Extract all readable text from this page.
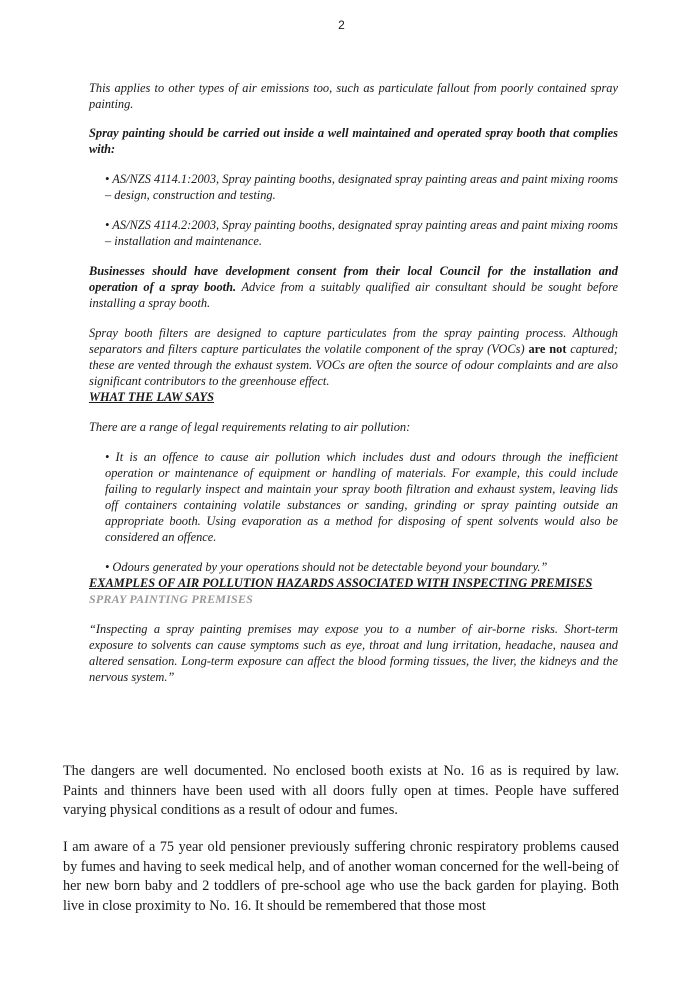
2

This applies to other types of air emissions too, such as particulate fallout from poorly contained spray painting.

Spray painting should be carried out inside a well maintained and operated spray booth that complies with:

• AS/NZS 4114.1:2003, Spray painting booths, designated spray painting areas and paint mixing rooms – design, construction and testing.

• AS/NZS 4114.2:2003, Spray painting booths, designated spray painting areas and paint mixing rooms – installation and maintenance.

Businesses should have development consent from their local Council for the installation and operation of a spray booth. Advice from a suitably qualified air consultant should be sought before installing a spray booth.

Spray booth filters are designed to capture particulates from the spray painting process. Although separators and filters capture particulates the volatile component of the spray (VOCs) are not captured; these are vented through the exhaust system. VOCs are often the source of odour complaints and are also significant contributors to the greenhouse effect.

WHAT THE LAW SAYS

There are a range of legal requirements relating to air pollution:

• It is an offence to cause air pollution which includes dust and odours through the inefficient operation or maintenance of equipment or handling of materials. For example, this could include failing to regularly inspect and maintain your spray booth filtration and exhaust system, leaving lids off containers containing volatile substances or sanding, grinding or spray painting outside an appropriate booth. Using evaporation as a method for disposing of spent solvents would also be considered an offence.

• Odours generated by your operations should not be detectable beyond your boundary.”

EXAMPLES OF AIR POLLUTION HAZARDS ASSOCIATED WITH INSPECTING PREMISES

SPRAY PAINTING PREMISES

“Inspecting a spray painting premises may expose you to a number of air-borne risks. Short-term exposure to solvents can cause symptoms such as eye, throat and lung irritation, headache, nausea and altered sensation. Long-term exposure can affect the blood forming tissues, the liver, the kidneys and the nervous system.”

The dangers are well documented. No enclosed booth exists at No. 16 as is required by law. Paints and thinners have been used with all doors fully open at times. People have suffered varying physical conditions as a result of odour and fumes.

I am aware of a 75 year old pensioner previously suffering chronic respiratory problems caused by fumes and having to seek medical help, and of another woman concerned for the well-being of her new born baby and 2 toddlers of pre-school age who use the back garden for playing. Both live in close proximity to No. 16. It should be remembered that those most
